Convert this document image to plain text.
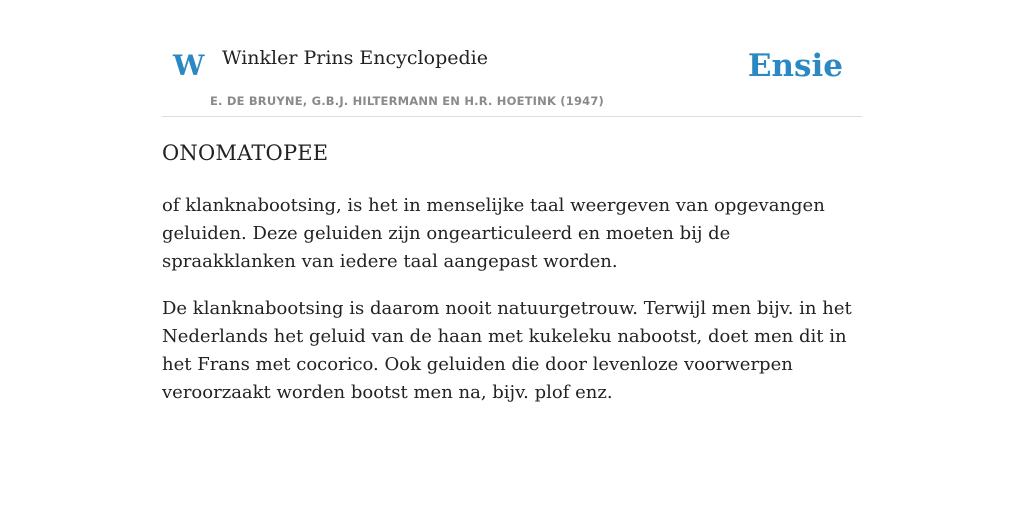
W Winkler Prins Encyclopedie
E. DE BRUYNE, G.B.J. HILTERMANN EN H.R. HOETINK (1947)
Ensie
ONOMATOPEE

of klanknabootsing, is het in menselijke taal weergeven van opgevangen geluiden. Deze geluiden zijn ongearticuleerd en moeten bij de spraakklanken van iedere taal aangepast worden.

De klanknabootsing is daarom nooit natuurgetrouw. Terwijl men bijv. in het Nederlands het geluid van de haan met kukeleku nabootst, doet men dit in het Frans met cocorico. Ook geluiden die door levenloze voorwerpen veroorzaakt worden bootst men na, bijv. plof enz.
